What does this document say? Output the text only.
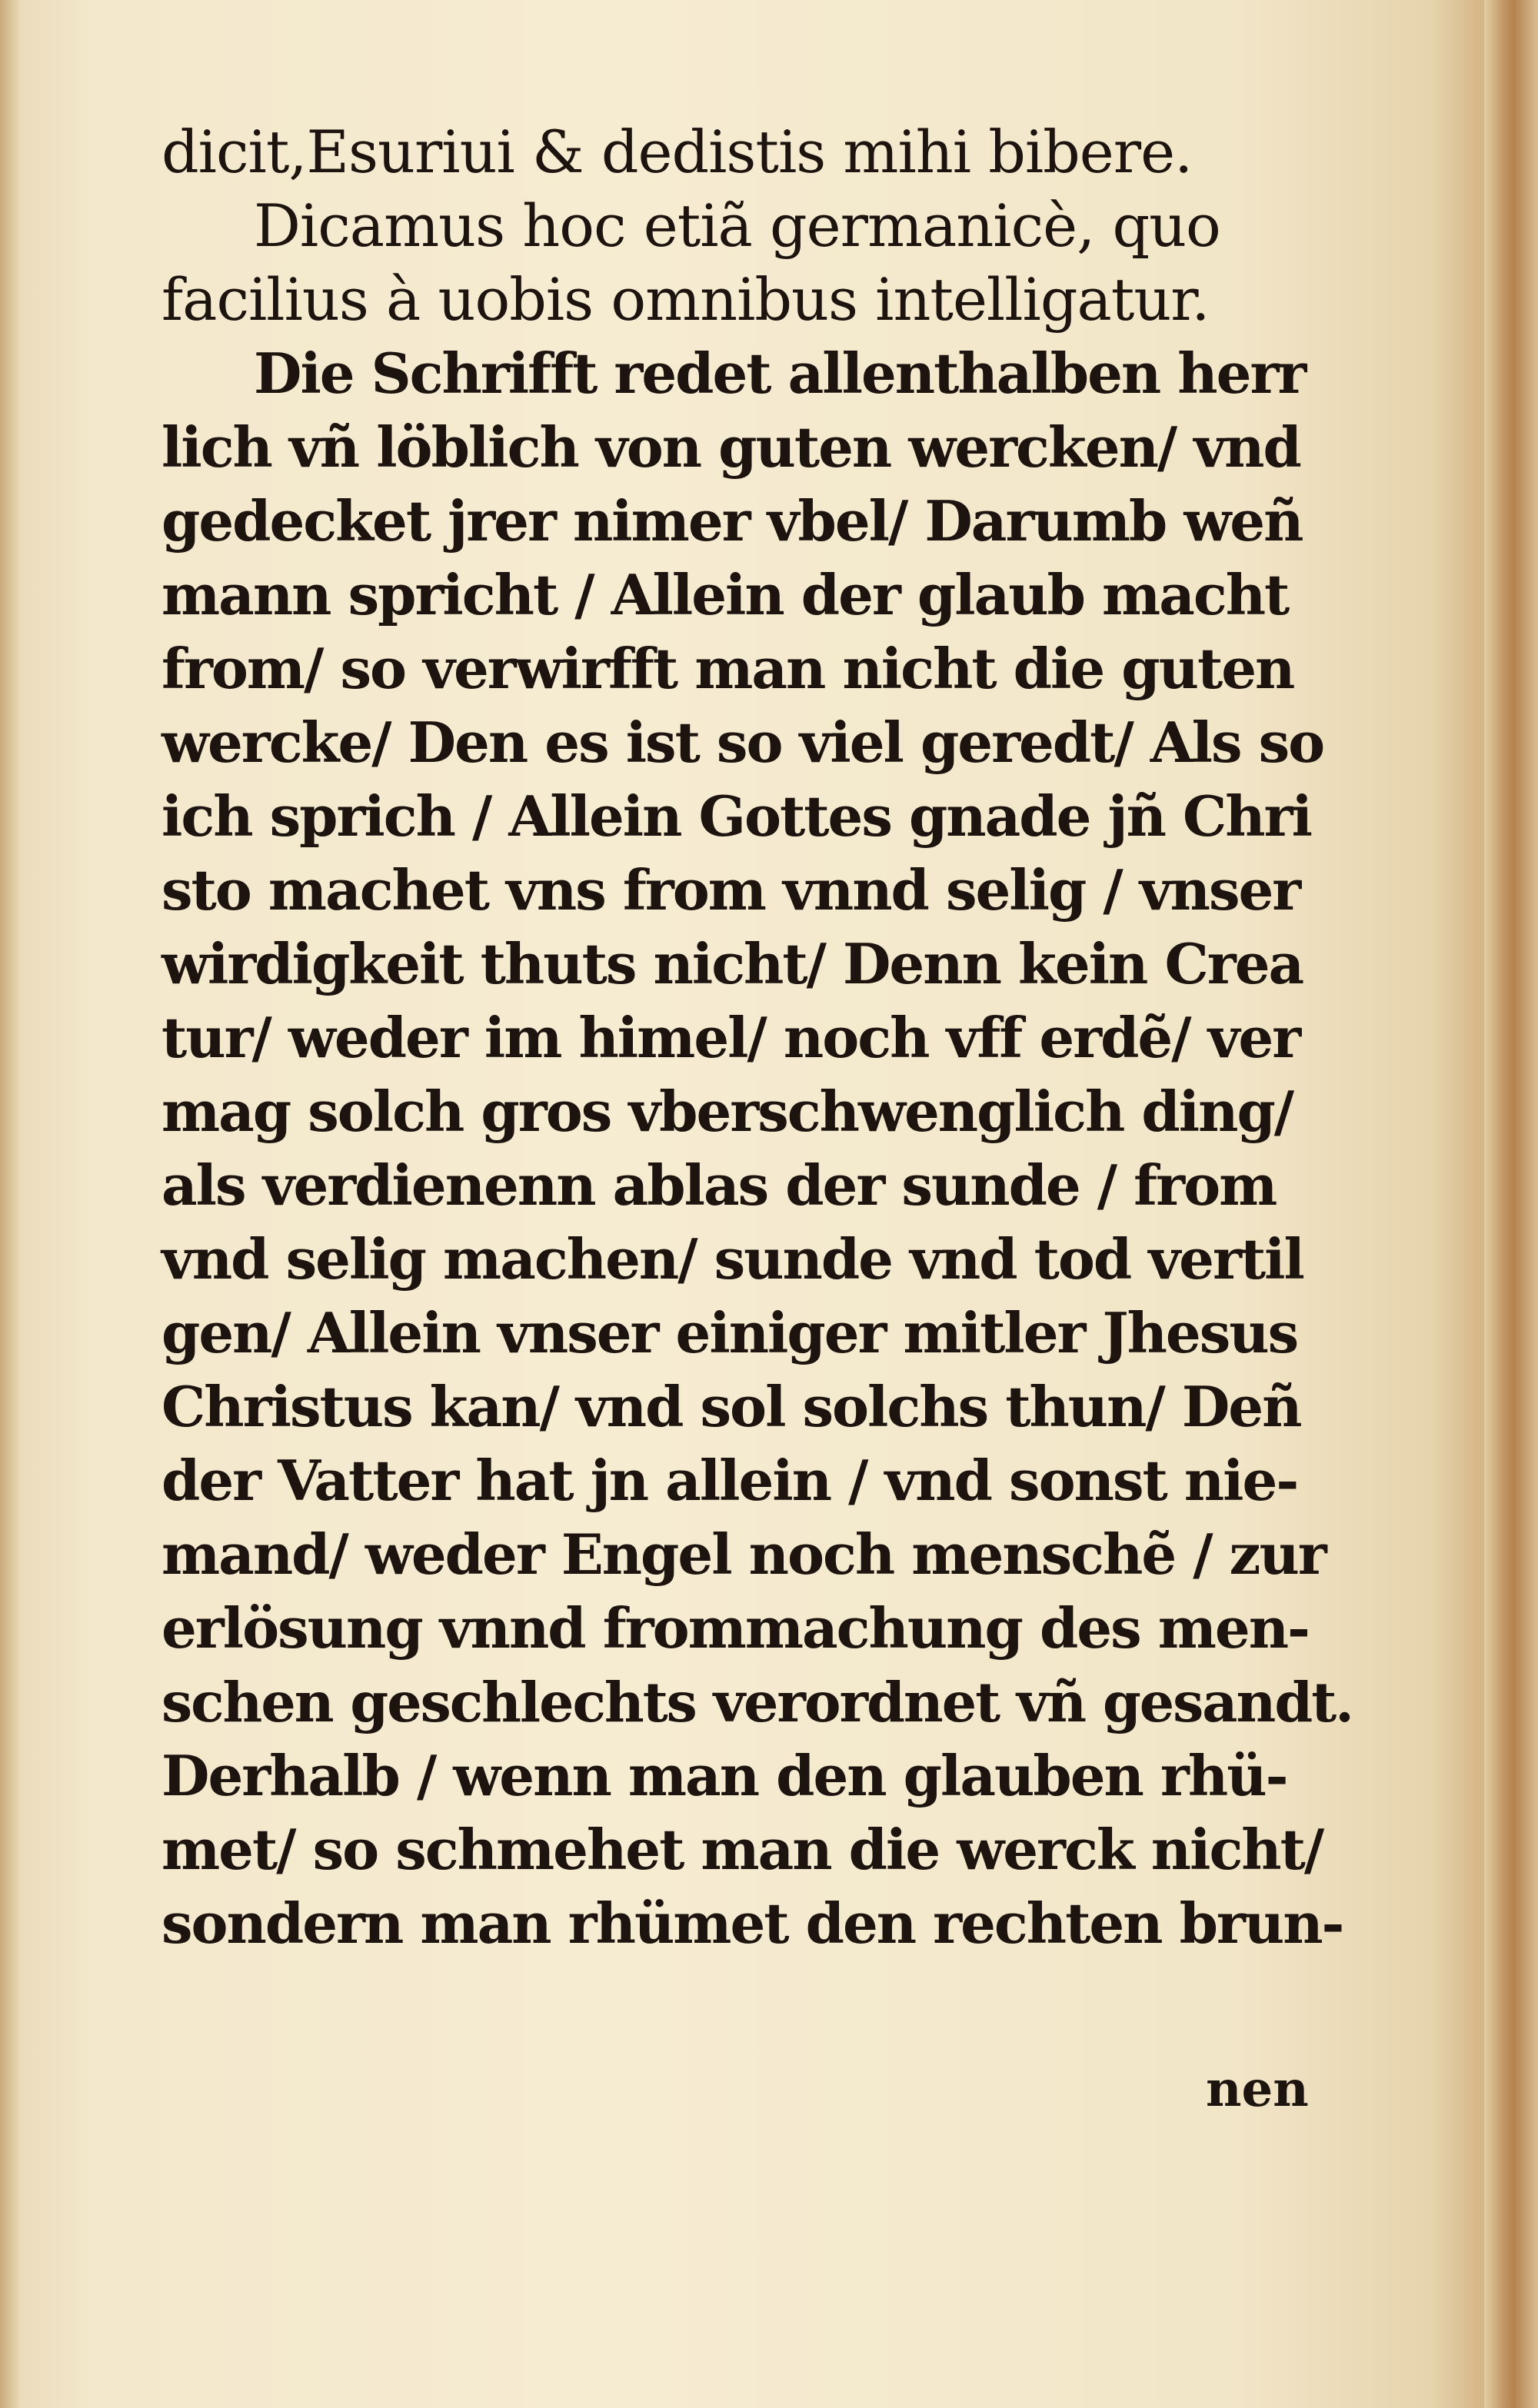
dicit,Esuriui & dedistis mihi bibere.
Dicamus hoc etiã germanicè, quo
facilius à uobis omnibus intelligatur.
Die Schrifft redet allenthalben herr
lich vñ löblich von guten wercken/ vnd
gedecket jrer nimer vbel/ Darumb weñ
mann spricht / Allein der glaub macht
from/ so verwirfft man nicht die guten
wercke/ Den es ist so viel geredt/ Als so
ich sprich / Allein Gottes gnade jñ Chri
sto machet vns from vnnd selig / vnser
wirdigkeit thuts nicht/ Denn kein Crea
tur/ weder im himel/ noch vff erdẽ/ ver
mag solch gros vberschwenglich ding/
als verdienenn ablas der sunde / from
vnd selig machen/ sunde vnd tod vertil
gen/ Allein vnser einiger mitler Jhesus
Christus kan/ vnd sol solchs thun/ Deñ
der Vatter hat jn allein / vnd sonst nie-
mand/ weder Engel noch menschẽ / zur
erlösung vnnd frommachung des men-
schen geschlechts verordnet vñ gesandt.
Derhalb / wenn man den glauben rhü-
met/ so schmehet man die werck nicht/
sondern man rhümet den rechten brun-
nen
